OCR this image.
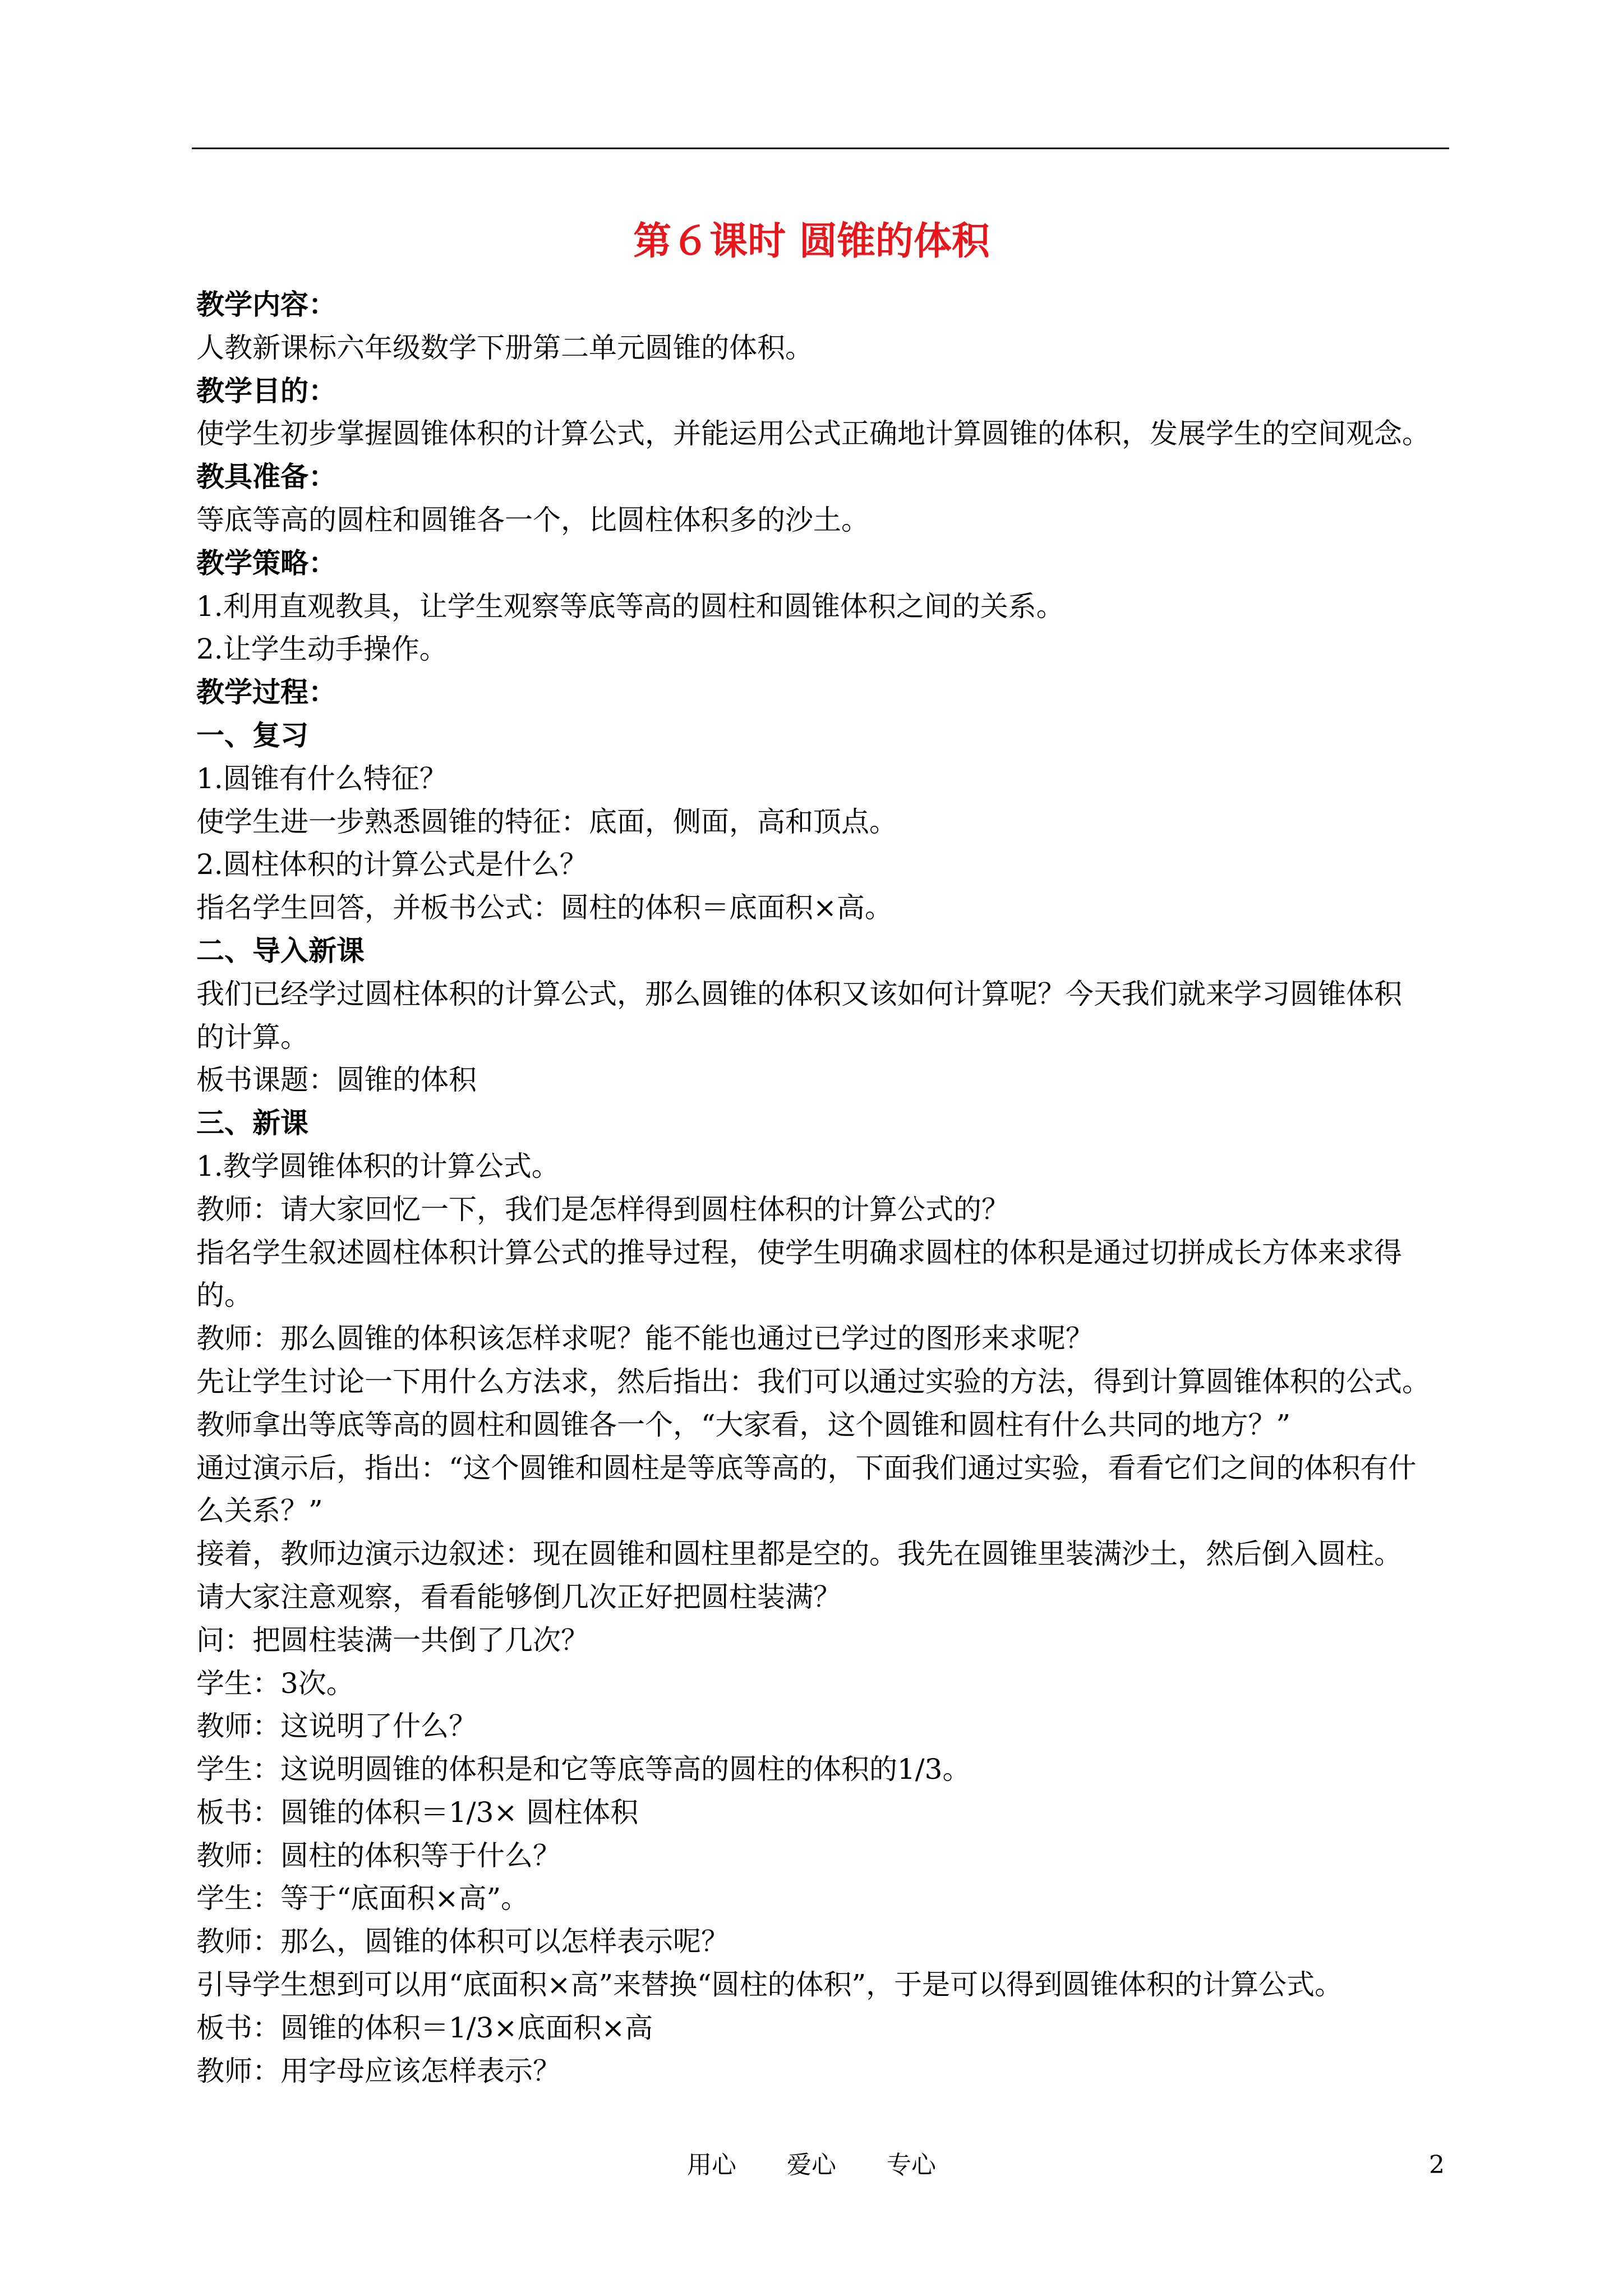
第６课时 圆锥的体积
教学内容：
人教新课标六年级数学下册第二单元圆锥的体积。
教学目的：
使学生初步掌握圆锥体积的计算公式，并能运用公式正确地计算圆锥的体积，发展学生的空间观念。
教具准备：
等底等高的圆柱和圆锥各一个，比圆柱体积多的沙土。
教学策略：
1.利用直观教具，让学生观察等底等高的圆柱和圆锥体积之间的关系。
2.让学生动手操作。
教学过程：
一、复习
1.圆锥有什么特征？
使学生进一步熟悉圆锥的特征：底面，侧面，高和顶点。
2.圆柱体积的计算公式是什么？
指名学生回答，并板书公式：圆柱的体积＝底面积×高。
二、导入新课
我们已经学过圆柱体积的计算公式，那么圆锥的体积又该如何计算呢？今天我们就来学习圆锥体积
的计算。
板书课题：圆锥的体积
三、新课
1.教学圆锥体积的计算公式。
教师：请大家回忆一下，我们是怎样得到圆柱体积的计算公式的？
指名学生叙述圆柱体积计算公式的推导过程，使学生明确求圆柱的体积是通过切拼成长方体来求得
的。
教师：那么圆锥的体积该怎样求呢？能不能也通过已学过的图形来求呢？
先让学生讨论一下用什么方法求，然后指出：我们可以通过实验的方法，得到计算圆锥体积的公式。
教师拿出等底等高的圆柱和圆锥各一个，“大家看，这个圆锥和圆柱有什么共同的地方？”
通过演示后，指出：“这个圆锥和圆柱是等底等高的，下面我们通过实验，看看它们之间的体积有什
么关系？”
接着，教师边演示边叙述：现在圆锥和圆柱里都是空的。我先在圆锥里装满沙土，然后倒入圆柱。
请大家注意观察，看看能够倒几次正好把圆柱装满？
问：把圆柱装满一共倒了几次？
学生：3次。
教师：这说明了什么？
学生：这说明圆锥的体积是和它等底等高的圆柱的体积的1/3。
板书：圆锥的体积＝1/3× 圆柱体积
教师：圆柱的体积等于什么？
学生：等于“底面积×高”。
教师：那么，圆锥的体积可以怎样表示呢？
引导学生想到可以用“底面积×高”来替换“圆柱的体积”，于是可以得到圆锥体积的计算公式。
板书：圆锥的体积＝1/3×底面积×高
教师：用字母应该怎样表示？
用心 爱心 专心	2
